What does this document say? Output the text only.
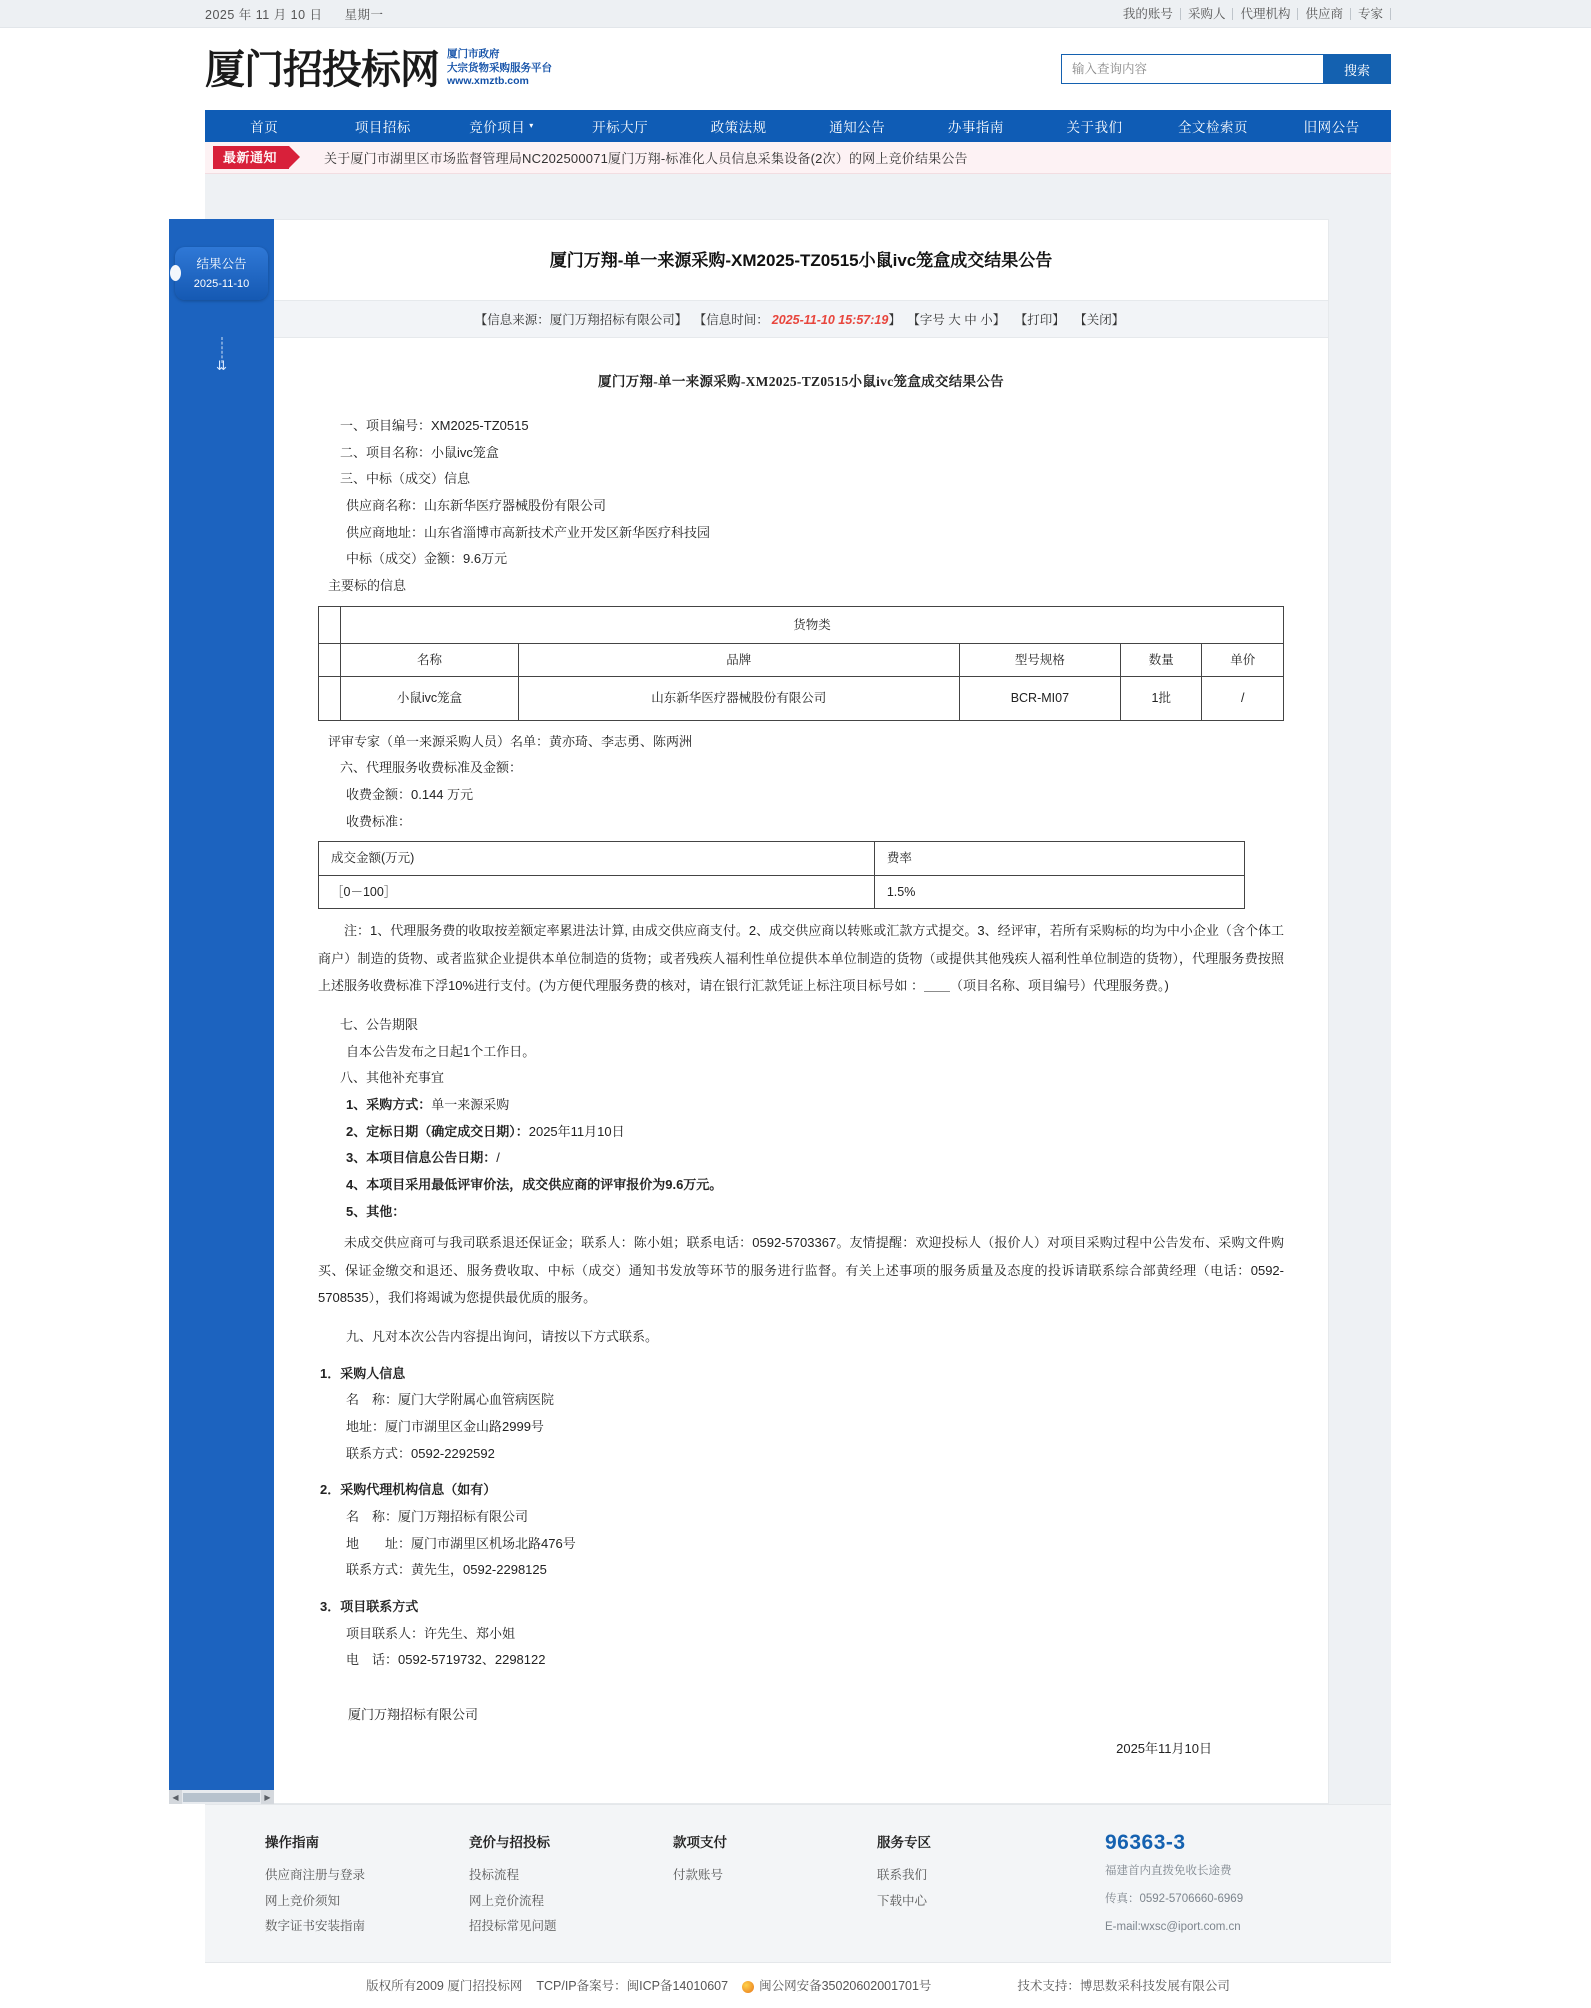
2025 年 11 月 10 日 星期一	我的账号	采购人	代理机构	供应商	专家
厦门招投标网 厦门市政府
大宗货物采购服务平台
www.xmztb.com
输入查询内容
搜索
首页	项目招标	竞价项目 ▾	开标大厅	政策法规	通知公告	办事指南	关于我们	全文检索页	旧网公告
最新通知	关于厦门市湖里区市场监督管理局NC202500071厦门万翔-标准化人员信息采集设备(2次）的网上竞价结果公告
结果公告
2025-11-10
⇊
◀	▶
厦门万翔-单一来源采购-XM2025-TZ0515小鼠ivc笼盒成交结果公告
【信息来源：厦门万翔招标有限公司】 【信息时间： 2025-11-10 15:57:19】 【字号 大 中 小】 【打印】 【关闭】
厦门万翔-单一来源采购-XM2025-TZ0515小鼠ivc笼盒成交结果公告

一、项目编号：XM2025-TZ0515

二、项目名称：小鼠ivc笼盒

三、中标（成交）信息

供应商名称：山东新华医疗器械股份有限公司

供应商地址：山东省淄博市高新技术产业开发区新华医疗科技园

中标（成交）金额：9.6万元

主要标的信息

	货物类				
	名称	品牌	型号规格	数量	单价
	小鼠ivc笼盒	山东新华医疗器械股份有限公司	BCR-MI07	1批	/

评审专家（单一来源采购人员）名单：黄亦琦、李志勇、陈两洲

六、代理服务收费标准及金额：

收费金额：0.144 万元

收费标准：

成交金额(万元)	费率
［0－100］	1.5%

注：1、代理服务费的收取按差额定率累进法计算, 由成交供应商支付。2、成交供应商以转账或汇款方式提交。3、经评审，若所有采购标的均为中小企业（含个体工商户）制造的货物、或者监狱企业提供本单位制造的货物；或者残疾人福利性单位提供本单位制造的货物（或提供其他残疾人福利性单位制造的货物），代理服务费按照上述服务收费标准下浮10%进行支付。(为方便代理服务费的核对，请在银行汇款凭证上标注项目标号如 ：＿＿（项目名称、项目编号）代理服务费。)

七、公告期限

自本公告发布之日起1个工作日。

八、其他补充事宜

1、采购方式：单一来源采购

2、定标日期（确定成交日期）：2025年11月10日

3、本项目信息公告日期：/

4、本项目采用最低评审价法，成交供应商的评审报价为9.6万元。

5、其他：

未成交供应商可与我司联系退还保证金；联系人：陈小姐；联系电话：0592-5703367。友情提醒：欢迎投标人（报价人）对项目采购过程中公告发布、采购文件购买、保证金缴交和退还、服务费收取、中标（成交）通知书发放等环节的服务进行监督。有关上述事项的服务质量及态度的投诉请联系综合部黄经理（电话：0592-5708535），我们将竭诚为您提供最优质的服务。

九、凡对本次公告内容提出询问，请按以下方式联系。

1．采购人信息

名　称：厦门大学附属心血管病医院

地址：厦门市湖里区金山路2999号

联系方式：0592-2292592

2．采购代理机构信息（如有）

名　称：厦门万翔招标有限公司

地　　址：厦门市湖里区机场北路476号

联系方式：黄先生，0592-2298125

3．项目联系方式

项目联系人：许先生、郑小姐

电　话：0592-5719732、2298122

厦门万翔招标有限公司

2025年11月10日

操作指南
供应商注册与登录
网上竞价须知
数字证书安装指南
竞价与招投标
投标流程
网上竞价流程
招投标常见问题
款项支付
付款账号
服务专区
联系我们
下载中心
96363-3
福建首内直拨免收长途费
传真：0592-5706660-6969
E-mail:wxsc@iport.com.cn
版权所有2009 厦门招投标网 TCP/IP备案号：闽ICP备14010607 闽公网安备35020602001701号	技术支持：博思数采科技发展有限公司
